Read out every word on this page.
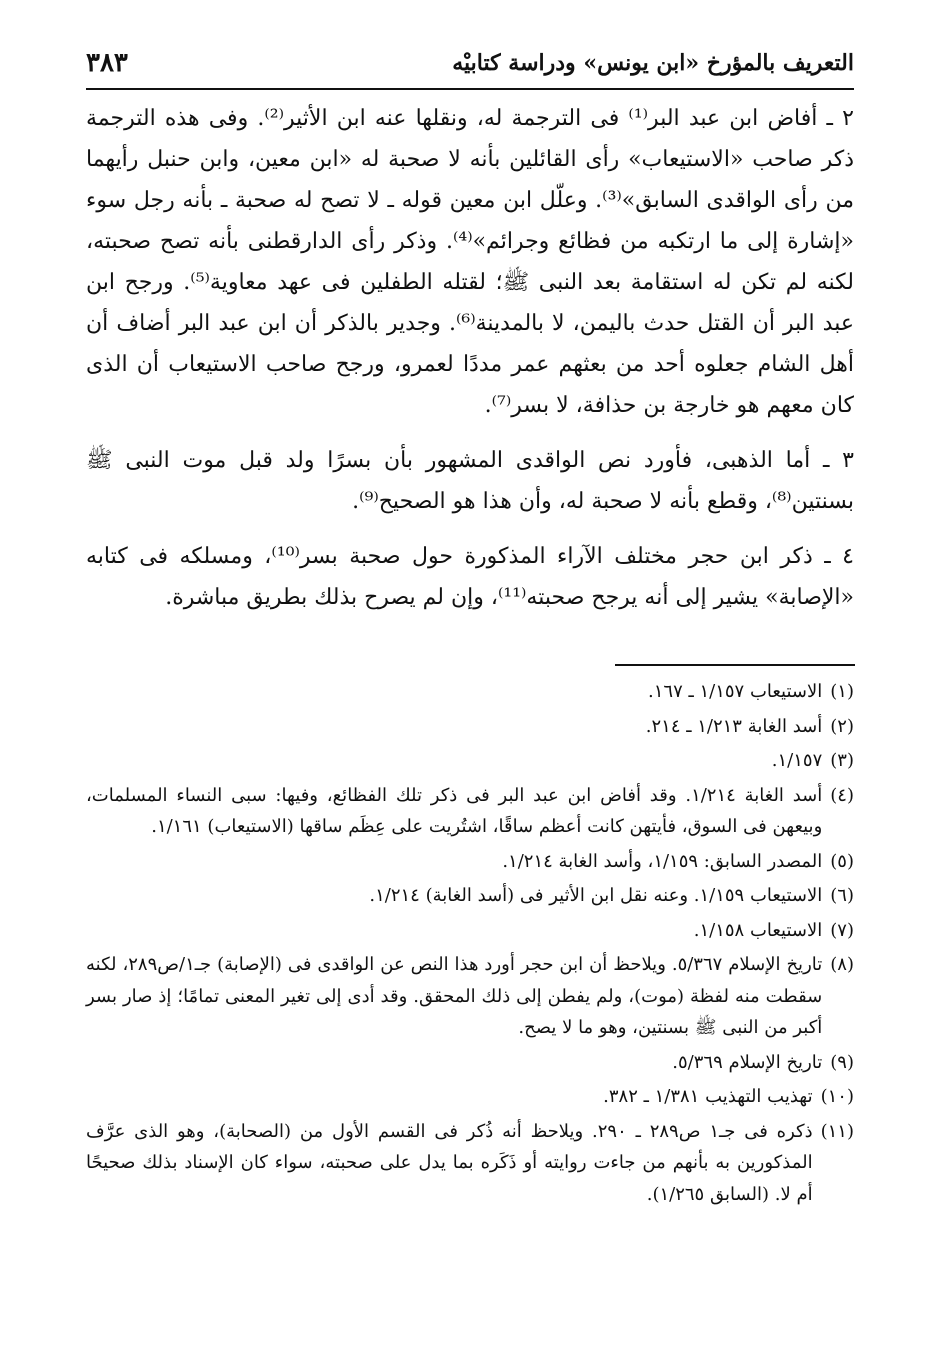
التعريف بالمؤرخ «ابن يونس» ودراسة كتابيْه
٣٨٣

٢ ـ أفاض ابن عبد البر⁽¹⁾ فى الترجمة له، ونقلها عنه ابن الأثير⁽²⁾. وفى هذه الترجمة ذكر صاحب «الاستيعاب» رأى القائلين بأنه لا صحبة له «ابن معين، وابن حنبل رأيهما من رأى الواقدى السابق»⁽³⁾. وعلّل ابن معين قوله ـ لا تصح له صحبة ـ بأنه رجل سوء «إشارة إلى ما ارتكبه من فظائع وجرائم»⁽⁴⁾. وذكر رأى الدارقطنى بأنه تصح صحبته، لكنه لم تكن له استقامة بعد النبى ﷺ؛ لقتله الطفلين فى عهد معاوية⁽⁵⁾. ورجح ابن عبد البر أن القتل حدث باليمن، لا بالمدينة⁽⁶⁾. وجدير بالذكر أن ابن عبد البر أضاف أن أهل الشام جعلوه أحد من بعثهم عمر مددًا لعمرو، ورجح صاحب الاستيعاب أن الذى كان معهم هو خارجة بن حذافة، لا بسر⁽⁷⁾.

٣ ـ أما الذهبى، فأورد نص الواقدى المشهور بأن بسرًا ولد قبل موت النبى ﷺ بسنتين⁽⁸⁾، وقطع بأنه لا صحبة له، وأن هذا هو الصحيح⁽⁹⁾.

٤ ـ ذكر ابن حجر مختلف الآراء المذكورة حول صحبة بسر⁽¹⁰⁾، ومسلكه فى كتابه «الإصابة» يشير إلى أنه يرجح صحبته⁽¹¹⁾، وإن لم يصرح بذلك بطريق مباشرة.

(١)
الاستيعاب ١/١٥٧ ـ ١٦٧.
(٢)
أسد الغابة ١/٢١٣ ـ ٢١٤.
(٣)
١/١٥٧.
(٤)
أسد الغابة ١/٢١٤. وقد أفاض ابن عبد البر فى ذكر تلك الفظائع، وفيها: سبى النساء المسلمات، وبيعهن فى السوق، فأيتهن كانت أعظم ساقًا، اشتُريت على عِظَم ساقها (الاستيعاب) ١/١٦١.
(٥)
المصدر السابق: ١/١٥٩، وأسد الغابة ١/٢١٤.
(٦)
الاستيعاب ١/١٥٩. وعنه نقل ابن الأثير فى (أسد الغابة) ١/٢١٤.
(٧)
الاستيعاب ١/١٥٨.
(٨)
تاريخ الإسلام ٥/٣٦٧. ويلاحظ أن ابن حجر أورد هذا النص عن الواقدى فى (الإصابة) جـ١/ص٢٨٩، لكنه سقطت منه لفظة (موت)، ولم يفطن إلى ذلك المحقق. وقد أدى إلى تغير المعنى تمامًا؛ إذ صار بسر أكبر من النبى ﷺ بسنتين، وهو ما لا يصح.
(٩)
تاريخ الإسلام ٥/٣٦٩.
(١٠)
تهذيب التهذيب ١/٣٨١ ـ ٣٨٢.
(١١)
ذكره فى جـ١ ص٢٨٩ ـ ٢٩٠. ويلاحظ أنه ذُكر فى القسم الأول من (الصحابة)، وهو الذى عرَّف المذكورين به بأنهم من جاءت روايته أو ذَكَره بما يدل على صحبته، سواء كان الإسناد بذلك صحيحًا أم لا. (السابق ١/٢٦٥).
